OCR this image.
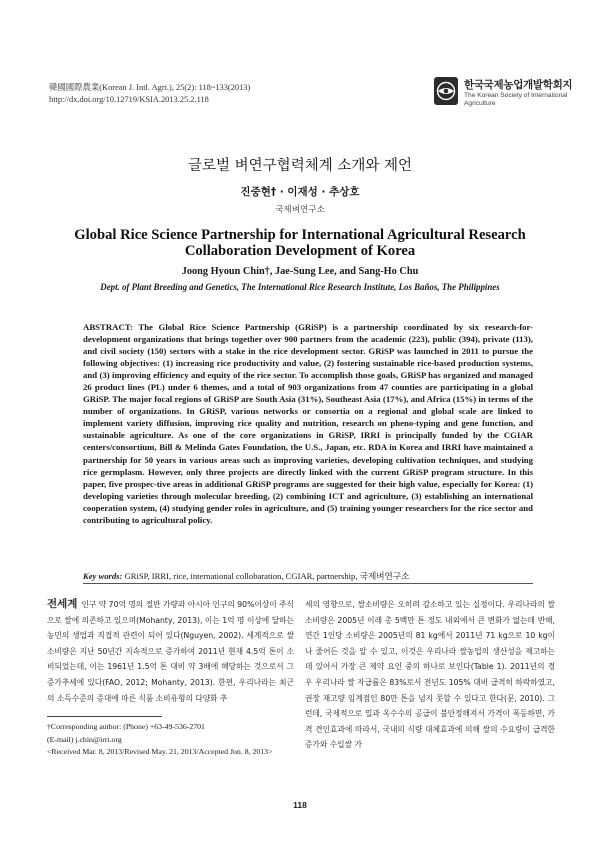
韓國國際農業(Korean J. Intl. Agri.), 25(2): 118~133(2013)
http://dx.doi.org/10.12719/KSIA.2013.25.2.118
한국국제농업개발학회지
The Korean Society of International Agriculture
글로벌 벼연구협력체계 소개와 제언
진중현† · 이재성 · 추상호
국제벼연구소
Global Rice Science Partnership for International Agricultural Research Collaboration Development of Korea
Joong Hyoun Chin†, Jae-Sung Lee, and Sang-Ho Chu
Dept. of Plant Breeding and Genetics, The International Rice Research Institute, Los Baños, The Philippines

ABSTRACT: The Global Rice Science Partnership (GRiSP) is a partnership coordinated by six research-for-development organizations that brings together over 900 partners from the academic (223), public (394), private (113), and civil society (150) sectors with a stake in the rice development sector. GRiSP was launched in 2011 to pursue the following objectives: (1) increasing rice productivity and value, (2) fostering sustainable rice-based production systems, and (3) improving efficiency and equity of the rice sector. To accomplish those goals, GRiSP has organized and managed 26 product lines (PL) under 6 themes, and a total of 903 organizations from 47 counties are participating in a global GRiSP. The major focal regions of GRiSP are South Asia (31%), Southeast Asia (17%), and Africa (15%) in terms of the number of organizations. In GRiSP, various networks or consortia on a regional and global scale are linked to implement variety diffusion, improving rice quality and nutrition, research on pheno-typing and gene function, and sustainable agriculture. As one of the core organizations in GRiSP, IRRI is principally funded by the CGIAR centers/consortium, Bill & Melinda Gates Foundation, the U.S., Japan, etc. RDA in Korea and IRRI have maintained a partnership for 50 years in various areas such as improving varieties, developing cultivation techniques, and studying rice germplasm. However, only three projects are directly linked with the current GRiSP program structure. In this paper, five prospec-tive areas in additional GRiSP programs are suggested for their high value, especially for Korea: (1) developing varieties through molecular breeding, (2) combining ICT and agriculture, (3) establishing an international cooperation system, (4) studying gender roles in agriculture, and (5) training younger researchers for the rice sector and contributing to agricultural policy.

Key words: GRiSP, IRRI, rice, international collobaration, CGIAR, partnership, 국제벼연구소

전세계 인구 약 70억 명의 절반 가량과 아시아 인구의 90%이상이 주식으로 쌀에 의존하고 있으며(Mohanty, 2013), 이는 1억 명 이상에 달하는 농민의 생업과 직접적 관련이 되어 있다(Nguyen, 2002). 세계적으로 쌀소비량은 지난 50년간 지속적으로 증가하여 2011년 현재 4.5억 톤이 소비되었는데, 이는 1961년 1.5억 톤 대비 약 3배에 해당하는 것으로서 그 증가추세에 있다(FAO, 2012; Mohanty, 2013). 한편, 우리나라는 최근의 소득수준의 증대에 따른 식품 소비유형의 다양화 추

세의 영향으로, 쌀소비량은 오히려 감소하고 있는 실정이다. 우리나라의 쌀소비량은 2005년 이래 총 5백만 톤 정도 내외에서 큰 변화가 없는데 반해, 연간 1인당 소비량은 2005년의 81 kg에서 2011년 71 kg으로 10 kg이나 줄어든 것을 알 수 있고, 이것은 우리나라 쌀농업의 생산성을 제고하는 데 있어서 가장 큰 제약 요인 중의 하나로 보인다(Table 1). 2011년의 경우 우리나라 쌀 자급률은 83%로서 전년도 105% 대비 급격히 하락하였고, 권장 재고량 임계점인 80만 톤을 넘지 못할 수 있다고 한다(문, 2010). 그런데, 국제적으로 밀과 옥수수의 공급이 불안정해져서 가격이 폭등하면, 가격 견인효과에 따라서, 국내의 식량 대체효과에 의해 쌀의 수요량이 급격한 증가와 수입쌀 가

†Corresponding author: (Phone) +63-49-536-2701
(E-mail) j.chin@irri.org
<Received Mar. 8, 2013/Revised May. 21, 2013/Accepted Jun. 8, 2013>
118
